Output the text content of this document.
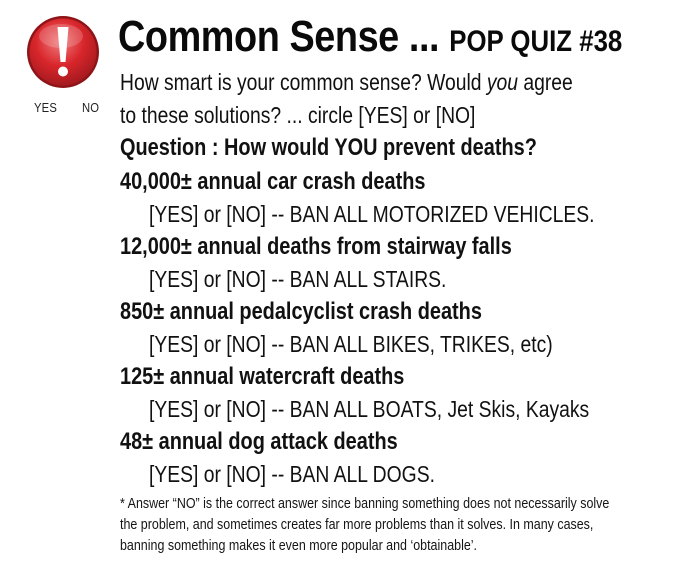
YES NO
Common Sense ... POP QUIZ #38
How smart is your common sense? Would you agree
to these solutions? ... circle [YES] or [NO]
Question : How would YOU prevent deaths?
40,000± annual car crash deaths
[YES] or [NO] -- BAN ALL MOTORIZED VEHICLES.
12,000± annual deaths from stairway falls
[YES] or [NO] -- BAN ALL STAIRS.
850± annual pedalcyclist crash deaths
[YES] or [NO] -- BAN ALL BIKES, TRIKES, etc)
125± annual watercraft deaths
[YES] or [NO] -- BAN ALL BOATS, Jet Skis, Kayaks
48± annual dog attack deaths
[YES] or [NO] -- BAN ALL DOGS.
* Answer “NO” is the correct answer since banning something does not necessarily solve
the problem, and sometimes creates far more problems than it solves. In many cases,
banning something makes it even more popular and ‘obtainable’.
